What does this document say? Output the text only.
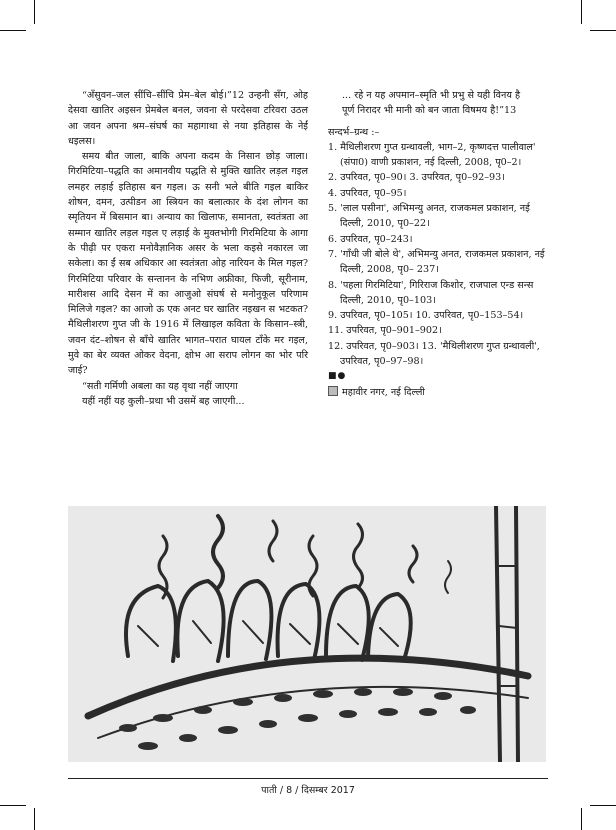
“अँसुवन–जल सींचि–सींचि प्रेम–बेल बोई।”12 उन्हनी सँग, ओह देसवा खातिर अइसन प्रेमबेल बनल, जवना से परदेसवा टरिवरा उठल आ जवन अपना श्रम–संघर्ष का महागाथा से नया इतिहास के नेईं धइलस।

समय बीत जाला, बाकि अपना कदम के निसान छोड़ जाला। गिरमिटिया–पद्धति का अमानवीय पद्धति से मुक्ति खातिर लड़ल गइल लमहर लड़ाई इतिहास बन गइल। ऊ सनी भले बीति गइल बाकिर शोषन, दमन, उत्पीडन आ स्त्रियन का बलात्कार के दंश लोगन का स्मृतियन में बिसमान बा। अन्याय का खिलाफ, समानता, स्वतंत्रता आ सम्मान खातिर लड़ल गइल ए लड़ाई के मुक्तभोगी गिरमिटिया के आगा के पीढ़ी पर एकरा मनोवैज्ञानिक असर के भला कइसे नकारल जा सकेला। का ईं सब अधिकार आ स्वतंत्रता ओह नारियन के मिल गइल? गिरमिटिया परिवार के सन्तानन के नभिण अफ्रीका, फिजी, सूरीनाम, मारीशस आदि देसन में का आजुओ संघर्ष से मनोनुकूल परिणाम मिलिजे गइल? का आजो ऊ एक अनट घर खातिर नइखन स भटकत? मैथिलीशरण गुप्त जी के 1916 में लिखाइल कविता के किसान–स्त्री, जवन दंट–शोषन से बाँचे खातिर भागत–परात घायल टाँके मर गइल, मुवे का बेर व्यक्त ओकर वेदना, क्षोभ आ सराप लोगन का भोर परि जाई?

“सती गर्मिणी अबला का यह वृथा नहीं जाएगा

यहीं नहीं यह कुली–प्रथा भी उसमें बह जाएगी...

... रहे न यह अपमान–स्मृति भी प्रभु से यही विनय है

पूर्ण निरादर भी मानी को बन जाता विषमय है!”13

सन्दर्भ–ग्रन्थ :–

1. मैथिलीशरण गुप्त ग्रन्थावली, भाग–2, कृष्णदत्त पालीवाल' (संपा0) वाणी प्रकाशन, नई दिल्ली, 2008, पृ0–2।

2. उपरिवत, पृ0–90। 3. उपरिवत, पृ0–92–93।

4. उपरिवत, पृ0–95।

5. 'लाल पसीना', अभिमन्यु अनत, राजकमल प्रकाशन, नई दिल्ली, 2010, पृ0–22।

6. उपरिवत, पृ0–243।

7. 'गाँधी जी बोले थे', अभिमन्यु अनत, राजकमल प्रकाशन, नई दिल्ली, 2008, पृ0– 237।

8. 'पहला गिरमिटिया', गिरिराज किशोर, राजपाल एन्ड सन्स दिल्ली, 2010, पृ0–103।

9. उपरिवत, पृ0–105। 10. उपरिवत, पृ0–153–54।

11. उपरिवत, पृ0–901–902।

12. उपरिवत, पृ0–903। 13. 'मैथिलीशरण गुप्त ग्रन्थावली', उपरिवत, पृ0–97–98।

■●

महावीर नगर, नई दिल्ली

पाती / 8 / दिसम्बर 2017
